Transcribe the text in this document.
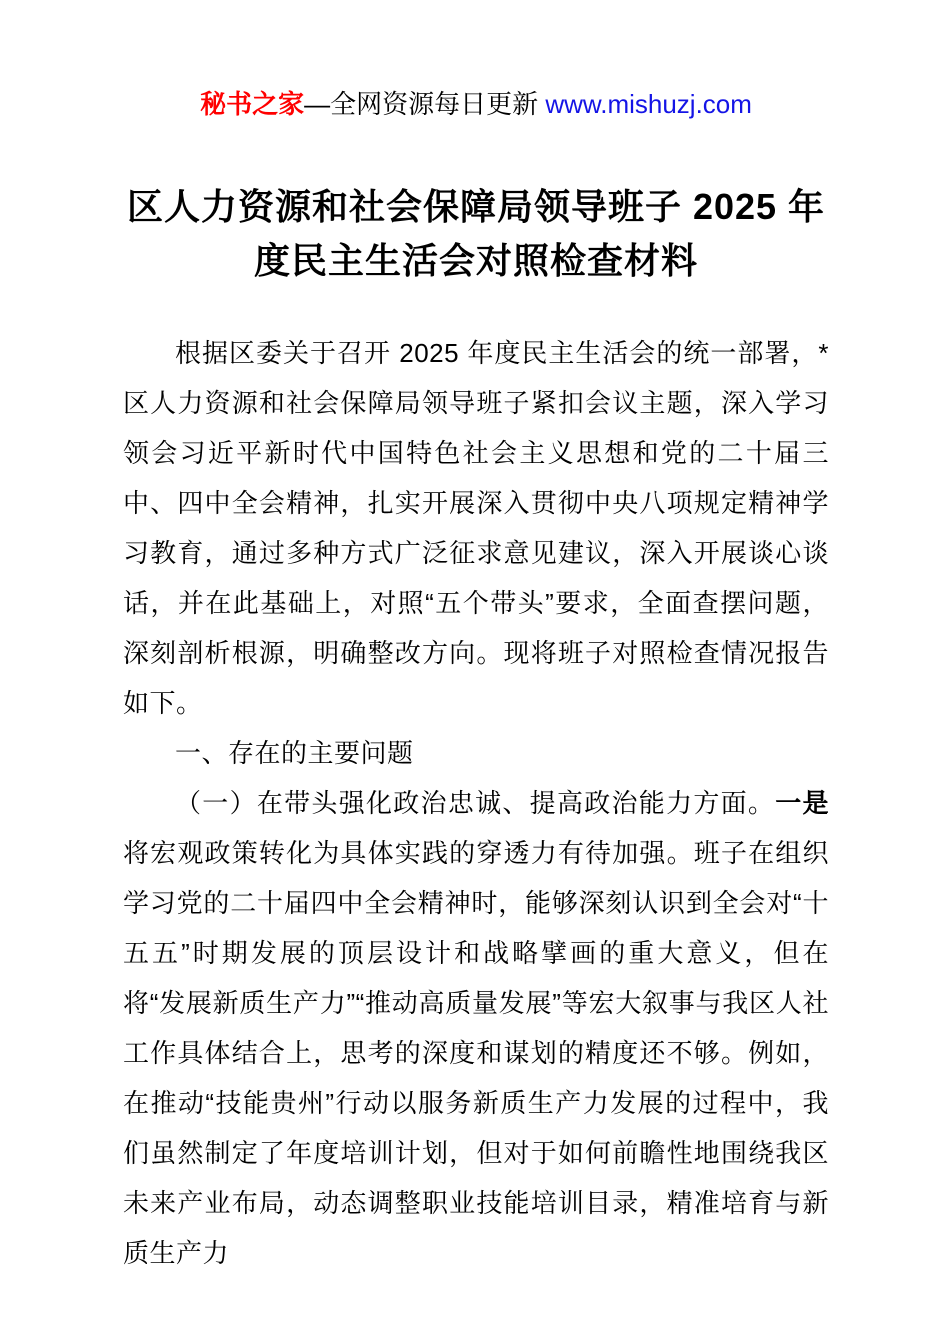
秘书之家—全网资源每日更新 www.mishuzj.com
区人力资源和社会保障局领导班子 2025 年度民主生活会对照检查材料

根据区委关于召开 2025 年度民主生活会的统一部署，*区人力资源和社会保障局领导班子紧扣会议主题，深入学习领会习近平新时代中国特色社会主义思想和党的二十届三中、四中全会精神，扎实开展深入贯彻中央八项规定精神学习教育，通过多种方式广泛征求意见建议，深入开展谈心谈话，并在此基础上，对照“五个带头”要求，全面查摆问题，深刻剖析根源，明确整改方向。现将班子对照检查情况报告如下。

一、存在的主要问题

（一）在带头强化政治忠诚、提高政治能力方面。一是将宏观政策转化为具体实践的穿透力有待加强。班子在组织学习党的二十届四中全会精神时，能够深刻认识到全会对“十五五”时期发展的顶层设计和战略擘画的重大意义，但在将“发展新质生产力”“推动高质量发展”等宏大叙事与我区人社工作具体结合上，思考的深度和谋划的精度还不够。例如，在推动“技能贵州”行动以服务新质生产力发展的过程中，我们虽然制定了年度培训计划，但对于如何前瞻性地围绕我区未来产业布局，动态调整职业技能培训目录，精准培育与新质生产力
